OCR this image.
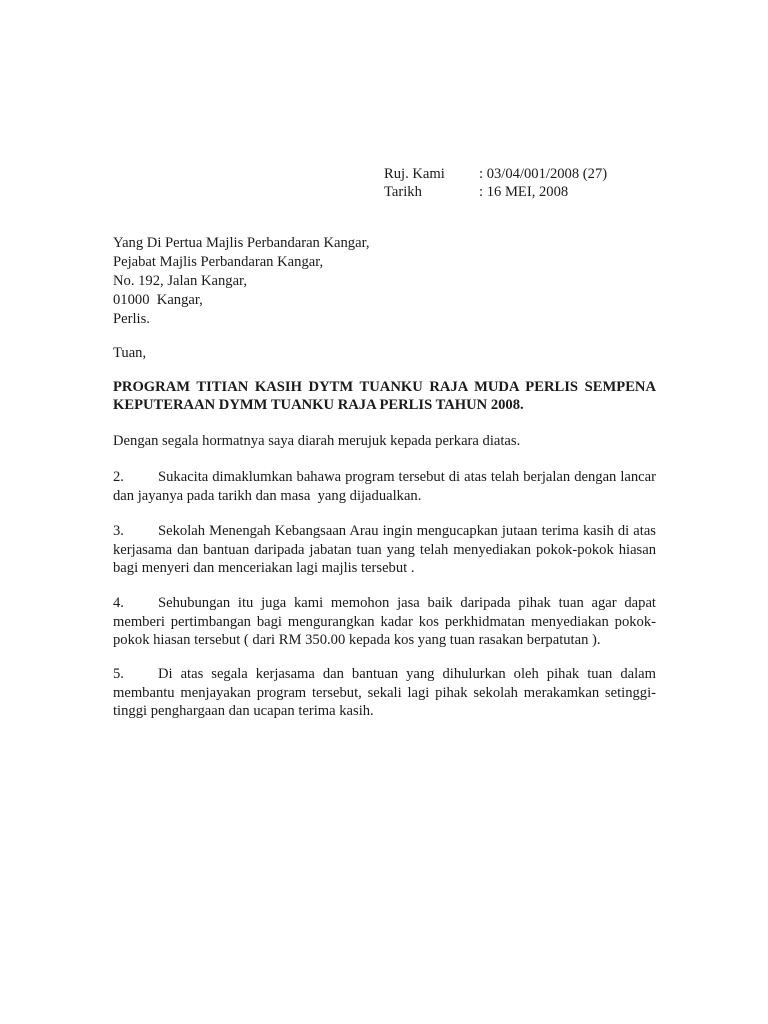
Ruj. Kami	: 03/04/001/2008 (27)
Tarikh	: 16 MEI, 2008
Yang Di Pertua Majlis Perbandaran Kangar,
Pejabat Majlis Perbandaran Kangar,
No. 192, Jalan Kangar,
01000  Kangar,
Perlis.
Tuan,
PROGRAM TITIAN KASIH DYTM TUANKU RAJA MUDA PERLIS SEMPENA KEPUTERAAN DYMM TUANKU RAJA PERLIS TAHUN 2008.
Dengan segala hormatnya saya diarah merujuk kepada perkara diatas.
2. Sukacita dimaklumkan bahawa program tersebut di atas telah berjalan dengan lancar dan jayanya pada tarikh dan masa  yang dijadualkan.
3. Sekolah Menengah Kebangsaan Arau ingin mengucapkan jutaan terima kasih di atas kerjasama dan bantuan daripada jabatan tuan yang telah menyediakan pokok-pokok hiasan bagi menyeri dan menceriakan lagi majlis tersebut .
4. Sehubungan itu juga kami memohon jasa baik daripada pihak tuan agar dapat memberi pertimbangan bagi mengurangkan kadar kos perkhidmatan menyediakan pokok-pokok hiasan tersebut ( dari RM 350.00 kepada kos yang tuan rasakan berpatutan ).
5. Di atas segala kerjasama dan bantuan yang dihulurkan oleh pihak tuan dalam membantu menjayakan program tersebut, sekali lagi pihak sekolah merakamkan setinggi-tinggi penghargaan dan ucapan terima kasih.
